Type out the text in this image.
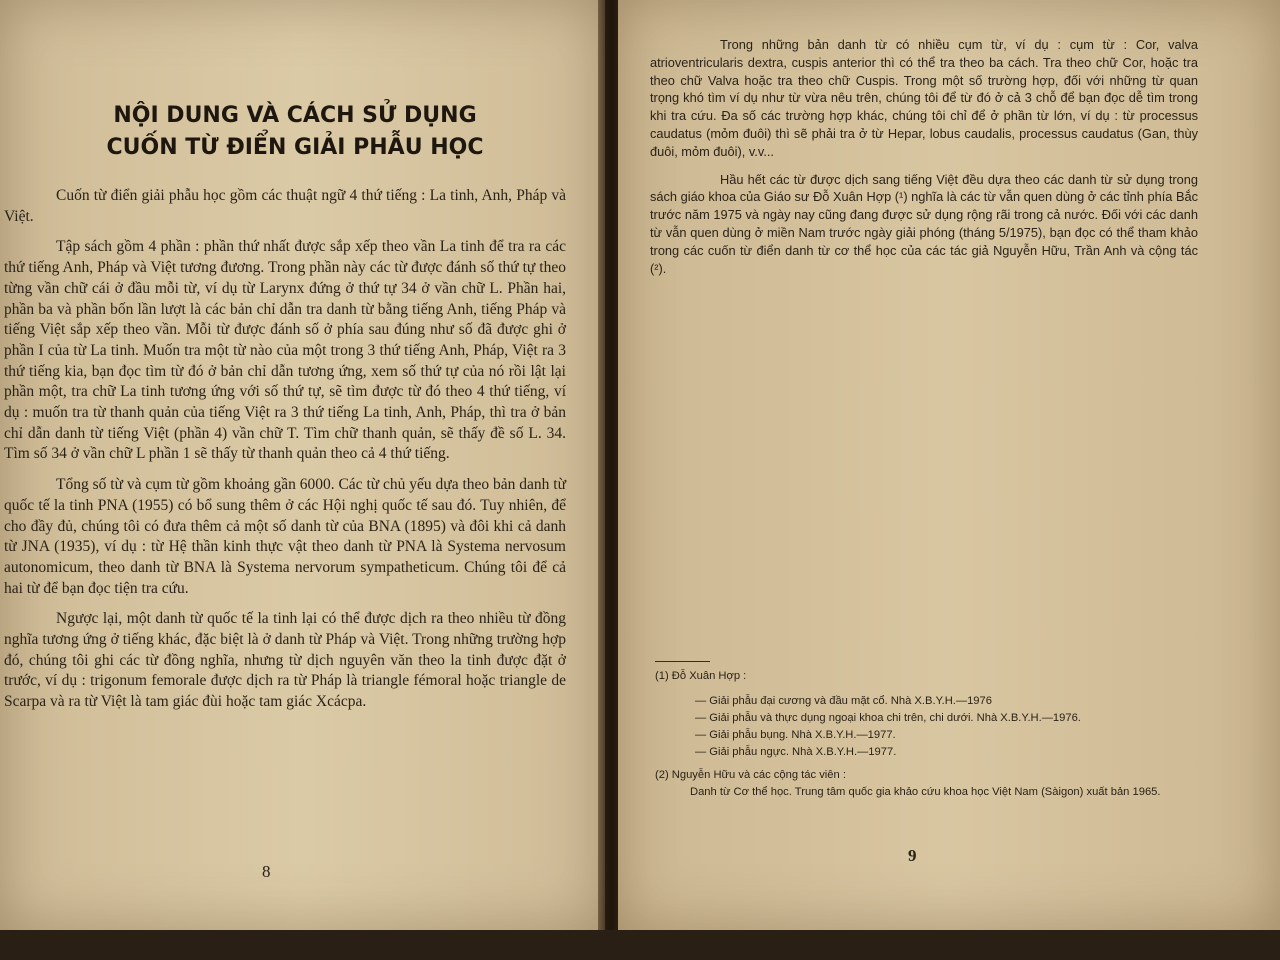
NỘI DUNG VÀ CÁCH SỬ DỤNG
CUỐN TỪ ĐIỂN GIẢI PHẪU HỌC

Cuốn từ điển giải phẫu học gồm các thuật ngữ 4 thứ tiếng : La tinh, Anh, Pháp và Việt.

Tập sách gồm 4 phần : phần thứ nhất được sắp xếp theo vần La tinh để tra ra các thứ tiếng Anh, Pháp và Việt tương đương. Trong phần này các từ được đánh số thứ tự theo từng vần chữ cái ở đầu mỗi từ, ví dụ từ Larynx đứng ở thứ tự 34 ở vần chữ L. Phần hai, phần ba và phần bốn lần lượt là các bản chỉ dẫn tra danh từ bằng tiếng Anh, tiếng Pháp và tiếng Việt sắp xếp theo vần. Mỗi từ được đánh số ở phía sau đúng như số đã được ghi ở phần I của từ La tinh. Muốn tra một từ nào của một trong 3 thứ tiếng Anh, Pháp, Việt ra 3 thứ tiếng kia, bạn đọc tìm từ đó ở bản chỉ dẫn tương ứng, xem số thứ tự của nó rồi lật lại phần một, tra chữ La tinh tương ứng với số thứ tự, sẽ tìm được từ đó theo 4 thứ tiếng, ví dụ : muốn tra từ thanh quản của tiếng Việt ra 3 thứ tiếng La tinh, Anh, Pháp, thì tra ở bản chỉ dẫn danh từ tiếng Việt (phần 4) vần chữ T. Tìm chữ thanh quản, sẽ thấy đề số L. 34. Tìm số 34 ở vần chữ L phần 1 sẽ thấy từ thanh quản theo cả 4 thứ tiếng.

Tổng số từ và cụm từ gồm khoảng gần 6000. Các từ chủ yếu dựa theo bản danh từ quốc tế la tinh PNA (1955) có bổ sung thêm ở các Hội nghị quốc tế sau đó. Tuy nhiên, để cho đầy đủ, chúng tôi có đưa thêm cả một số danh từ của BNA (1895) và đôi khi cả danh từ JNA (1935), ví dụ : từ Hệ thần kinh thực vật theo danh từ PNA là Systema nervosum autonomicum, theo danh từ BNA là Systema nervorum sympatheticum. Chúng tôi để cả hai từ để bạn đọc tiện tra cứu.

Ngược lại, một danh từ quốc tế la tinh lại có thể được dịch ra theo nhiều từ đồng nghĩa tương ứng ở tiếng khác, đặc biệt là ở danh từ Pháp và Việt. Trong những trường hợp đó, chúng tôi ghi các từ đồng nghĩa, nhưng từ dịch nguyên văn theo la tinh được đặt ở trước, ví dụ : trigonum femorale được dịch ra từ Pháp là triangle fémoral hoặc triangle de Scarpa và ra từ Việt là tam giác đùi hoặc tam giác Xcácpa.

8

Trong những bản danh từ có nhiều cụm từ, ví dụ : cụm từ : Cor, valva atrioventricularis dextra, cuspis anterior thì có thể tra theo ba cách. Tra theo chữ Cor, hoặc tra theo chữ Valva hoặc tra theo chữ Cuspis. Trong một số trường hợp, đối với những từ quan trọng khó tìm ví dụ như từ vừa nêu trên, chúng tôi để từ đó ở cả 3 chỗ để bạn đọc dễ tìm trong khi tra cứu. Đa số các trường hợp khác, chúng tôi chỉ để ở phần từ lớn, ví dụ : từ processus caudatus (mỏm đuôi) thì sẽ phải tra ở từ Hepar, lobus caudalis, processus caudatus (Gan, thùy đuôi, mỏm đuôi), v.v...

Hầu hết các từ được dịch sang tiếng Việt đều dựa theo các danh từ sử dụng trong sách giáo khoa của Giáo sư Đỗ Xuân Hợp (¹) nghĩa là các từ vẫn quen dùng ở các tỉnh phía Bắc trước năm 1975 và ngày nay cũng đang được sử dụng rộng rãi trong cả nước. Đối với các danh từ vẫn quen dùng ở miền Nam trước ngày giải phóng (tháng 5/1975), bạn đọc có thể tham khảo trong các cuốn từ điển danh từ cơ thể học của các tác giả Nguyễn Hữu, Trần Anh và cộng tác (²).

(1) Đỗ Xuân Hợp :

— Giải phẫu đại cương và đầu mặt cổ. Nhà X.B.Y.H.—1976
— Giải phẫu và thực dụng ngoại khoa chi trên, chi dưới. Nhà X.B.Y.H.—1976.
— Giải phẫu bụng. Nhà X.B.Y.H.—1977.
— Giải phẫu ngực. Nhà X.B.Y.H.—1977.

(2) Nguyễn Hữu và các cộng tác viên :

Danh từ Cơ thể học. Trung tâm quốc gia khảo cứu khoa học Việt Nam (Sàigon) xuất bản 1965.

9
